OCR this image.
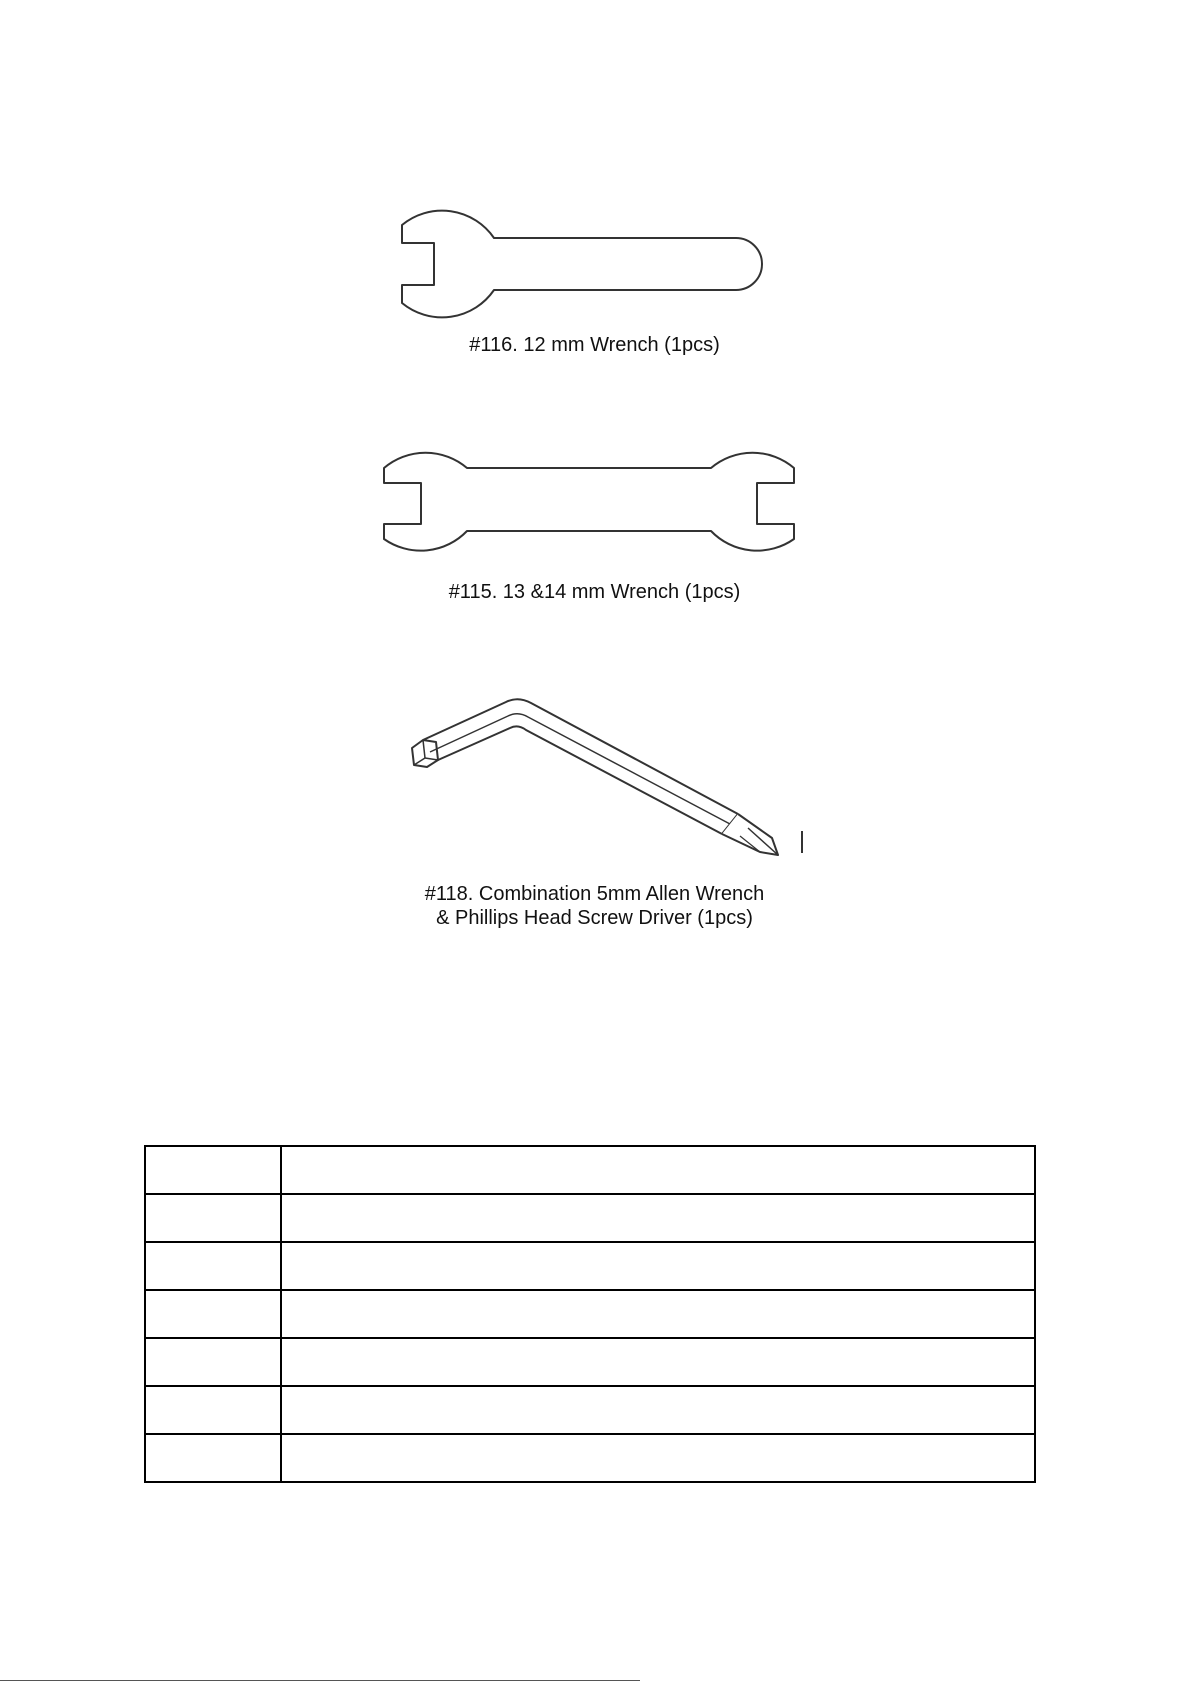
#116. 12 mm Wrench (1pcs)
#115. 13 &14 mm Wrench (1pcs)
#118. Combination 5mm Allen Wrench
& Phillips Head Screw Driver (1pcs)
